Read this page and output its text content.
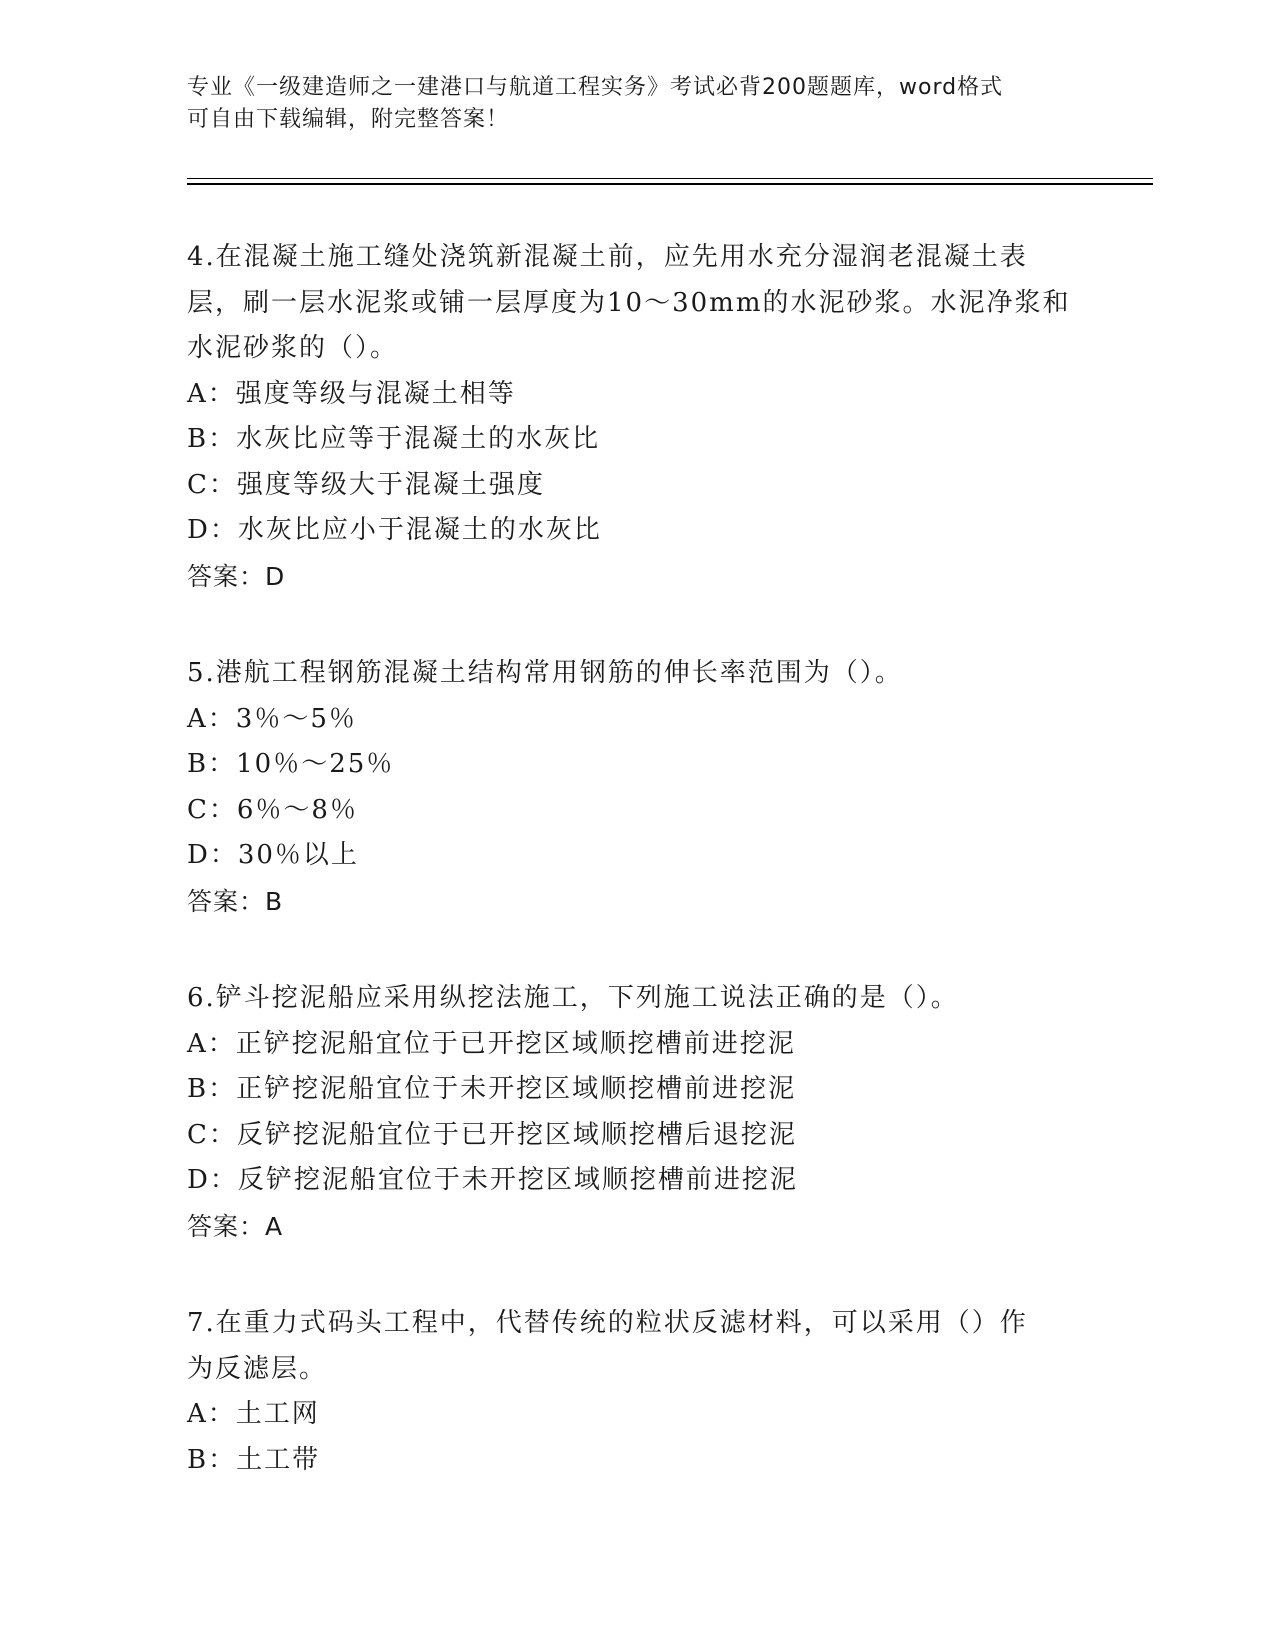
专业《一级建造师之一建港口与航道工程实务》考试必背200题题库，word格式
可自由下载编辑，附完整答案！
4.在混凝土施工缝处浇筑新混凝土前，应先用水充分湿润老混凝土表
层，刷一层水泥浆或铺一层厚度为10～30mm的水泥砂浆。水泥净浆和
水泥砂浆的（）。
A：强度等级与混凝土相等
B：水灰比应等于混凝土的水灰比
C：强度等级大于混凝土强度
D：水灰比应小于混凝土的水灰比
答案：D
5.港航工程钢筋混凝土结构常用钢筋的伸长率范围为（）。
A：3％～5％
B：10％～25％
C：6％～8％
D：30％以上
答案：B
6.铲斗挖泥船应采用纵挖法施工，下列施工说法正确的是（）。
A：正铲挖泥船宜位于已开挖区域顺挖槽前进挖泥
B：正铲挖泥船宜位于未开挖区域顺挖槽前进挖泥
C：反铲挖泥船宜位于已开挖区域顺挖槽后退挖泥
D：反铲挖泥船宜位于未开挖区域顺挖槽前进挖泥
答案：A
7.在重力式码头工程中，代替传统的粒状反滤材料，可以采用（）作
为反滤层。
A：土工网
B：土工带
